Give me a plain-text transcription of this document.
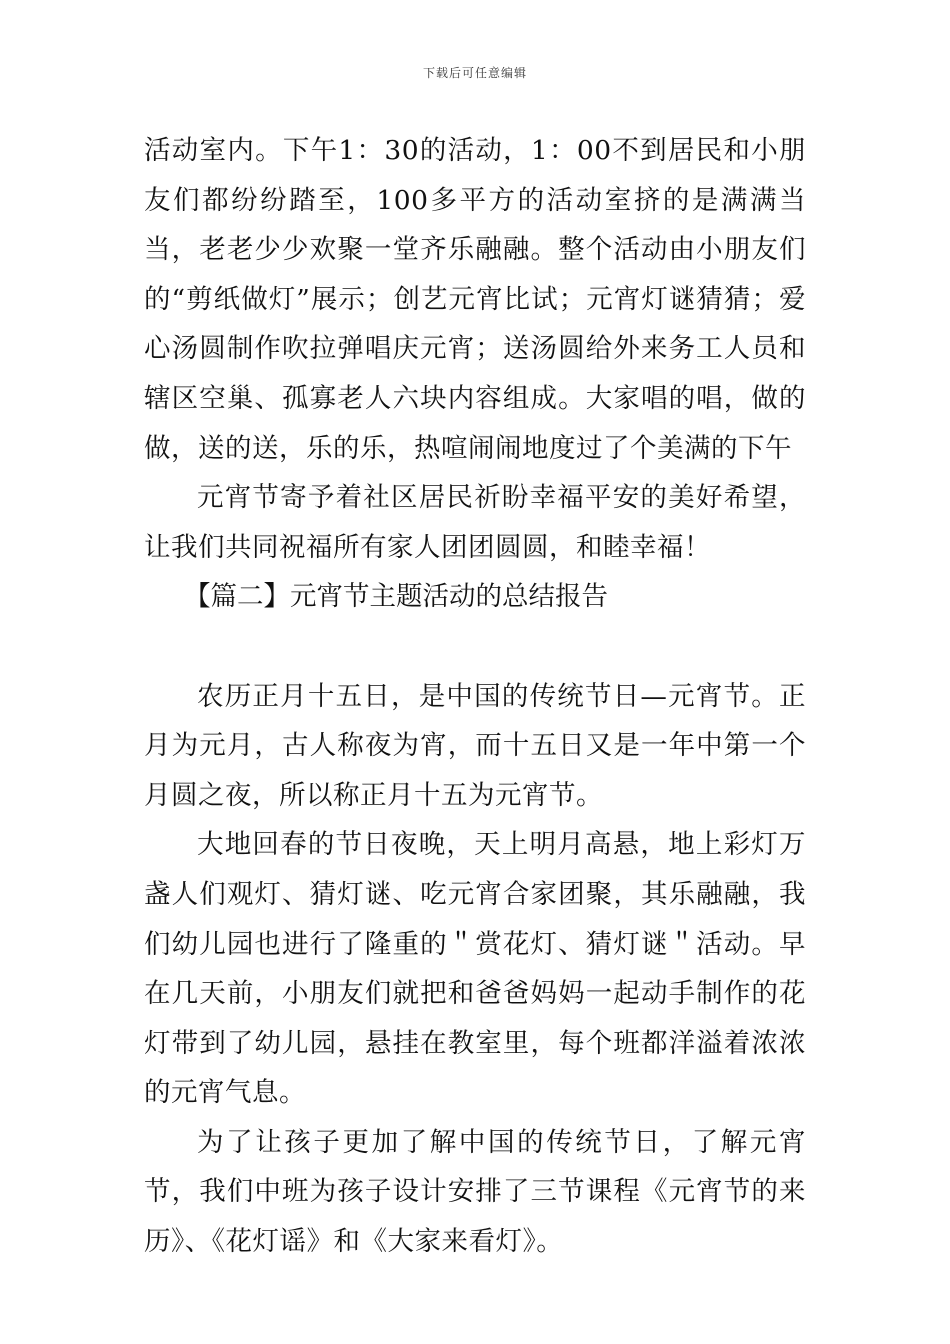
下载后可任意编辑

活动室内。下午1：30的活动，1：00不到居民和小朋友们都纷纷踏至，100多平方的活动室挤的是满满当当，老老少少欢聚一堂齐乐融融。整个活动由小朋友们的“剪纸做灯”展示；创艺元宵比试；元宵灯谜猜猜；爱心汤圆制作吹拉弹唱庆元宵；送汤圆给外来务工人员和辖区空巢、孤寡老人六块内容组成。大家唱的唱，做的做，送的送，乐的乐，热喧闹闹地度过了个美满的下午

元宵节寄予着社区居民祈盼幸福平安的美好希望，让我们共同祝福所有家人团团圆圆，和睦幸福！

【篇二】元宵节主题活动的总结报告

农历正月十五日，是中国的传统节日—元宵节。正月为元月，古人称夜为宵，而十五日又是一年中第一个月圆之夜，所以称正月十五为元宵节。

大地回春的节日夜晚，天上明月高悬，地上彩灯万盏人们观灯、猜灯谜、吃元宵合家团聚，其乐融融，我们幼儿园也进行了隆重的＂赏花灯、猜灯谜＂活动。早在几天前，小朋友们就把和爸爸妈妈一起动手制作的花灯带到了幼儿园，悬挂在教室里，每个班都洋溢着浓浓的元宵气息。

为了让孩子更加了解中国的传统节日，了解元宵节，我们中班为孩子设计安排了三节课程《元宵节的来历》、《花灯谣》和《大家来看灯》。
